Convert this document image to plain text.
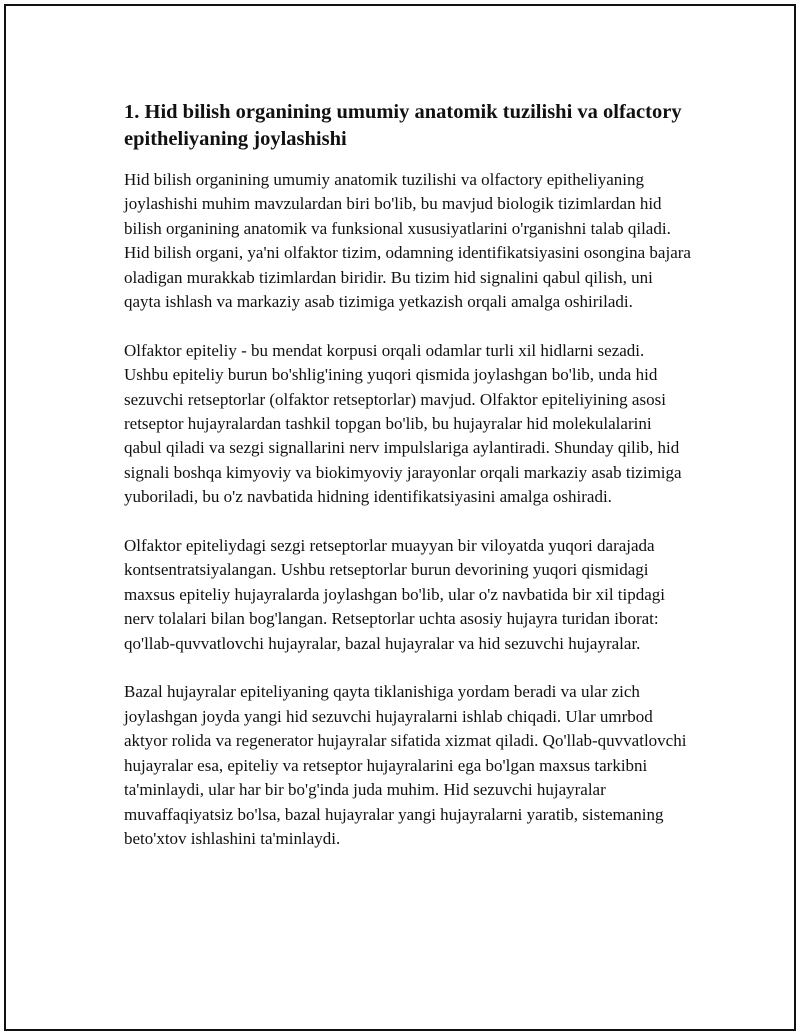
1. Hid bilish organining umumiy anatomik tuzilishi va olfactory epitheliyaning joylashishi

Hid bilish organining umumiy anatomik tuzilishi va olfactory epitheliyaning joylashishi muhim mavzulardan biri bo'lib, bu mavjud biologik tizimlardan hid bilish organining anatomik va funksional xususiyatlarini o'rganishni talab qiladi. Hid bilish organi, ya'ni olfaktor tizim, odamning identifikatsiyasini osongina bajara oladigan murakkab tizimlardan biridir. Bu tizim hid signalini qabul qilish, uni qayta ishlash va markaziy asab tizimiga yetkazish orqali amalga oshiriladi.

Olfaktor epiteliy - bu mendat korpusi orqali odamlar turli xil hidlarni sezadi. Ushbu epiteliy burun bo'shlig'ining yuqori qismida joylashgan bo'lib, unda hid sezuvchi retseptorlar (olfaktor retseptorlar) mavjud. Olfaktor epiteliyining asosi retseptor hujayralardan tashkil topgan bo'lib, bu hujayralar hid molekulalarini qabul qiladi va sezgi signallarini nerv impulslariga aylantiradi. Shunday qilib, hid signali boshqa kimyoviy va biokimyoviy jarayonlar orqali markaziy asab tizimiga yuboriladi, bu o'z navbatida hidning identifikatsiyasini amalga oshiradi.

Olfaktor epiteliydagi sezgi retseptorlar muayyan bir viloyatda yuqori darajada kontsentratsiyalangan. Ushbu retseptorlar burun devorining yuqori qismidagi maxsus epiteliy hujayralarda joylashgan bo'lib, ular o'z navbatida bir xil tipdagi nerv tolalari bilan bog'langan. Retseptorlar uchta asosiy hujayra turidan iborat: qo'llab-quvvatlovchi hujayralar, bazal hujayralar va hid sezuvchi hujayralar.

Bazal hujayralar epiteliyaning qayta tiklanishiga yordam beradi va ular zich joylashgan joyda yangi hid sezuvchi hujayralarni ishlab chiqadi. Ular umrbod aktyor rolida va regenerator hujayralar sifatida xizmat qiladi. Qo'llab-quvvatlovchi hujayralar esa, epiteliy va retseptor hujayralarini ega bo'lgan maxsus tarkibni ta'minlaydi, ular har bir bo'g'inda juda muhim. Hid sezuvchi hujayralar muvaffaqiyatsiz bo'lsa, bazal hujayralar yangi hujayralarni yaratib, sistemaning beto'xtov ishlashini ta'minlaydi.
